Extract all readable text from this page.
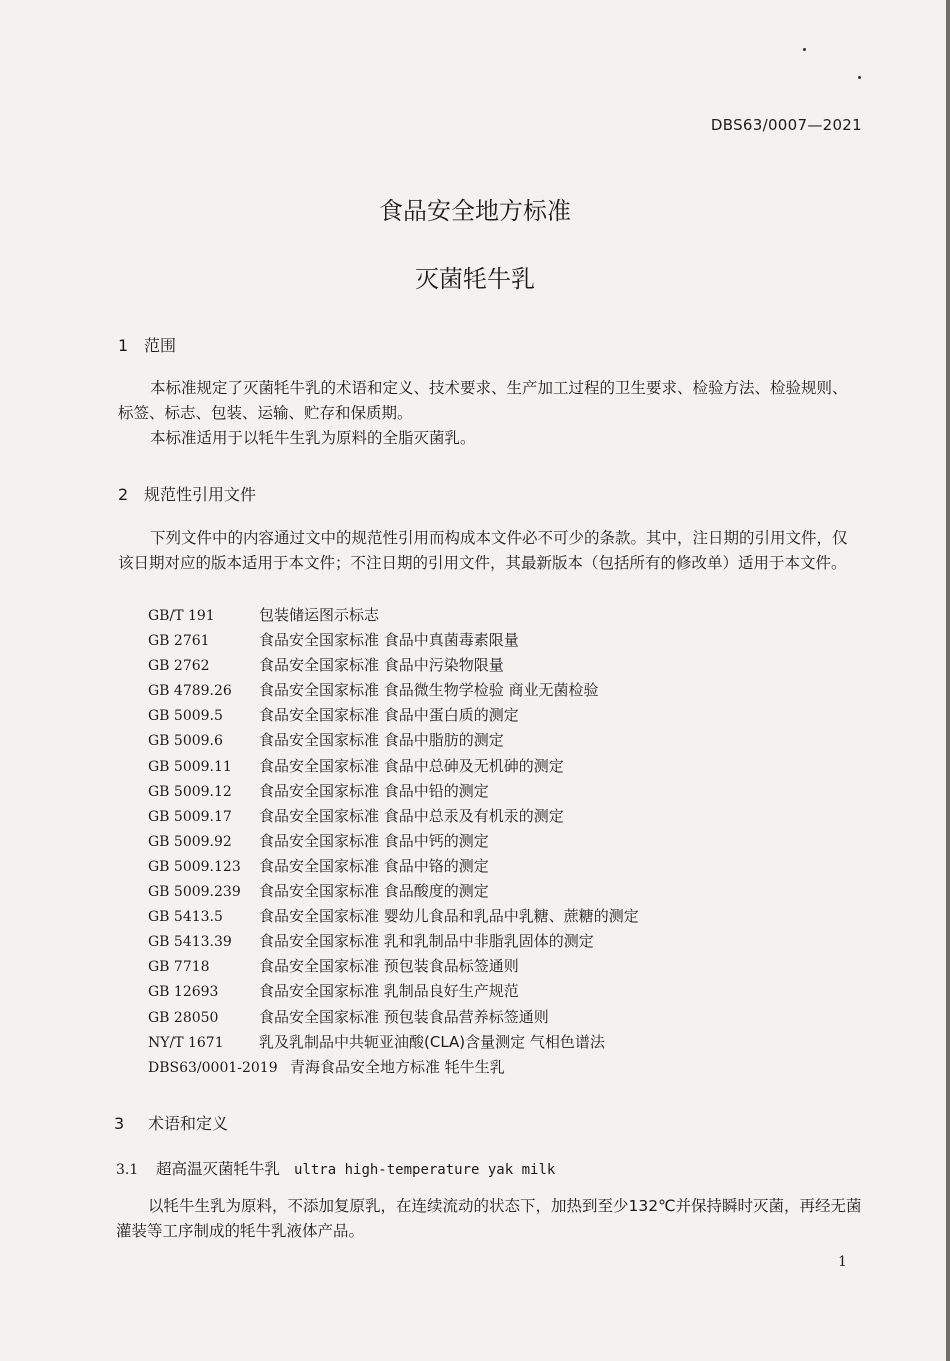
DBS63/0007—2021
食品安全地方标准
灭菌牦牛乳
1 范围
本标准规定了灭菌牦牛乳的术语和定义、技术要求、生产加工过程的卫生要求、检验方法、检验规则、标签、标志、包装、运输、贮存和保质期。
本标准适用于以牦牛生乳为原料的全脂灭菌乳。
2 规范性引用文件
下列文件中的内容通过文中的规范性引用而构成本文件必不可少的条款。其中，注日期的引用文件，仅该日期对应的版本适用于本文件；不注日期的引用文件，其最新版本（包括所有的修改单）适用于本文件。
GB/T 191	包装储运图示标志
GB 2761	食品安全国家标准 食品中真菌毒素限量
GB 2762	食品安全国家标准 食品中污染物限量
GB 4789.26 食品安全国家标准 食品微生物学检验 商业无菌检验
GB 5009.5 食品安全国家标准 食品中蛋白质的测定
GB 5009.6 食品安全国家标准 食品中脂肪的测定
GB 5009.11 食品安全国家标准 食品中总砷及无机砷的测定
GB 5009.12 食品安全国家标准 食品中铅的测定
GB 5009.17 食品安全国家标准 食品中总汞及有机汞的测定
GB 5009.92 食品安全国家标准 食品中钙的测定
GB 5009.123 食品安全国家标准 食品中铬的测定
GB 5009.239 食品安全国家标准 食品酸度的测定
GB 5413.5 食品安全国家标准 婴幼儿食品和乳品中乳糖、蔗糖的测定
GB 5413.39 食品安全国家标准 乳和乳制品中非脂乳固体的测定
GB 7718	食品安全国家标准 预包装食品标签通则
GB 12693	食品安全国家标准 乳制品良好生产规范
GB 28050	食品安全国家标准 预包装食品营养标签通则
NY/T 1671 乳及乳制品中共轭亚油酸(CLA)含量测定 气相色谱法
DBS63/0001-2019 青海食品安全地方标准 牦牛生乳
3 术语和定义
3.1 超高温灭菌牦牛乳 ultra high-temperature yak milk
以牦牛生乳为原料，不添加复原乳，在连续流动的状态下，加热到至少132℃并保持瞬时灭菌，再经无菌灌装等工序制成的牦牛乳液体产品。
1
